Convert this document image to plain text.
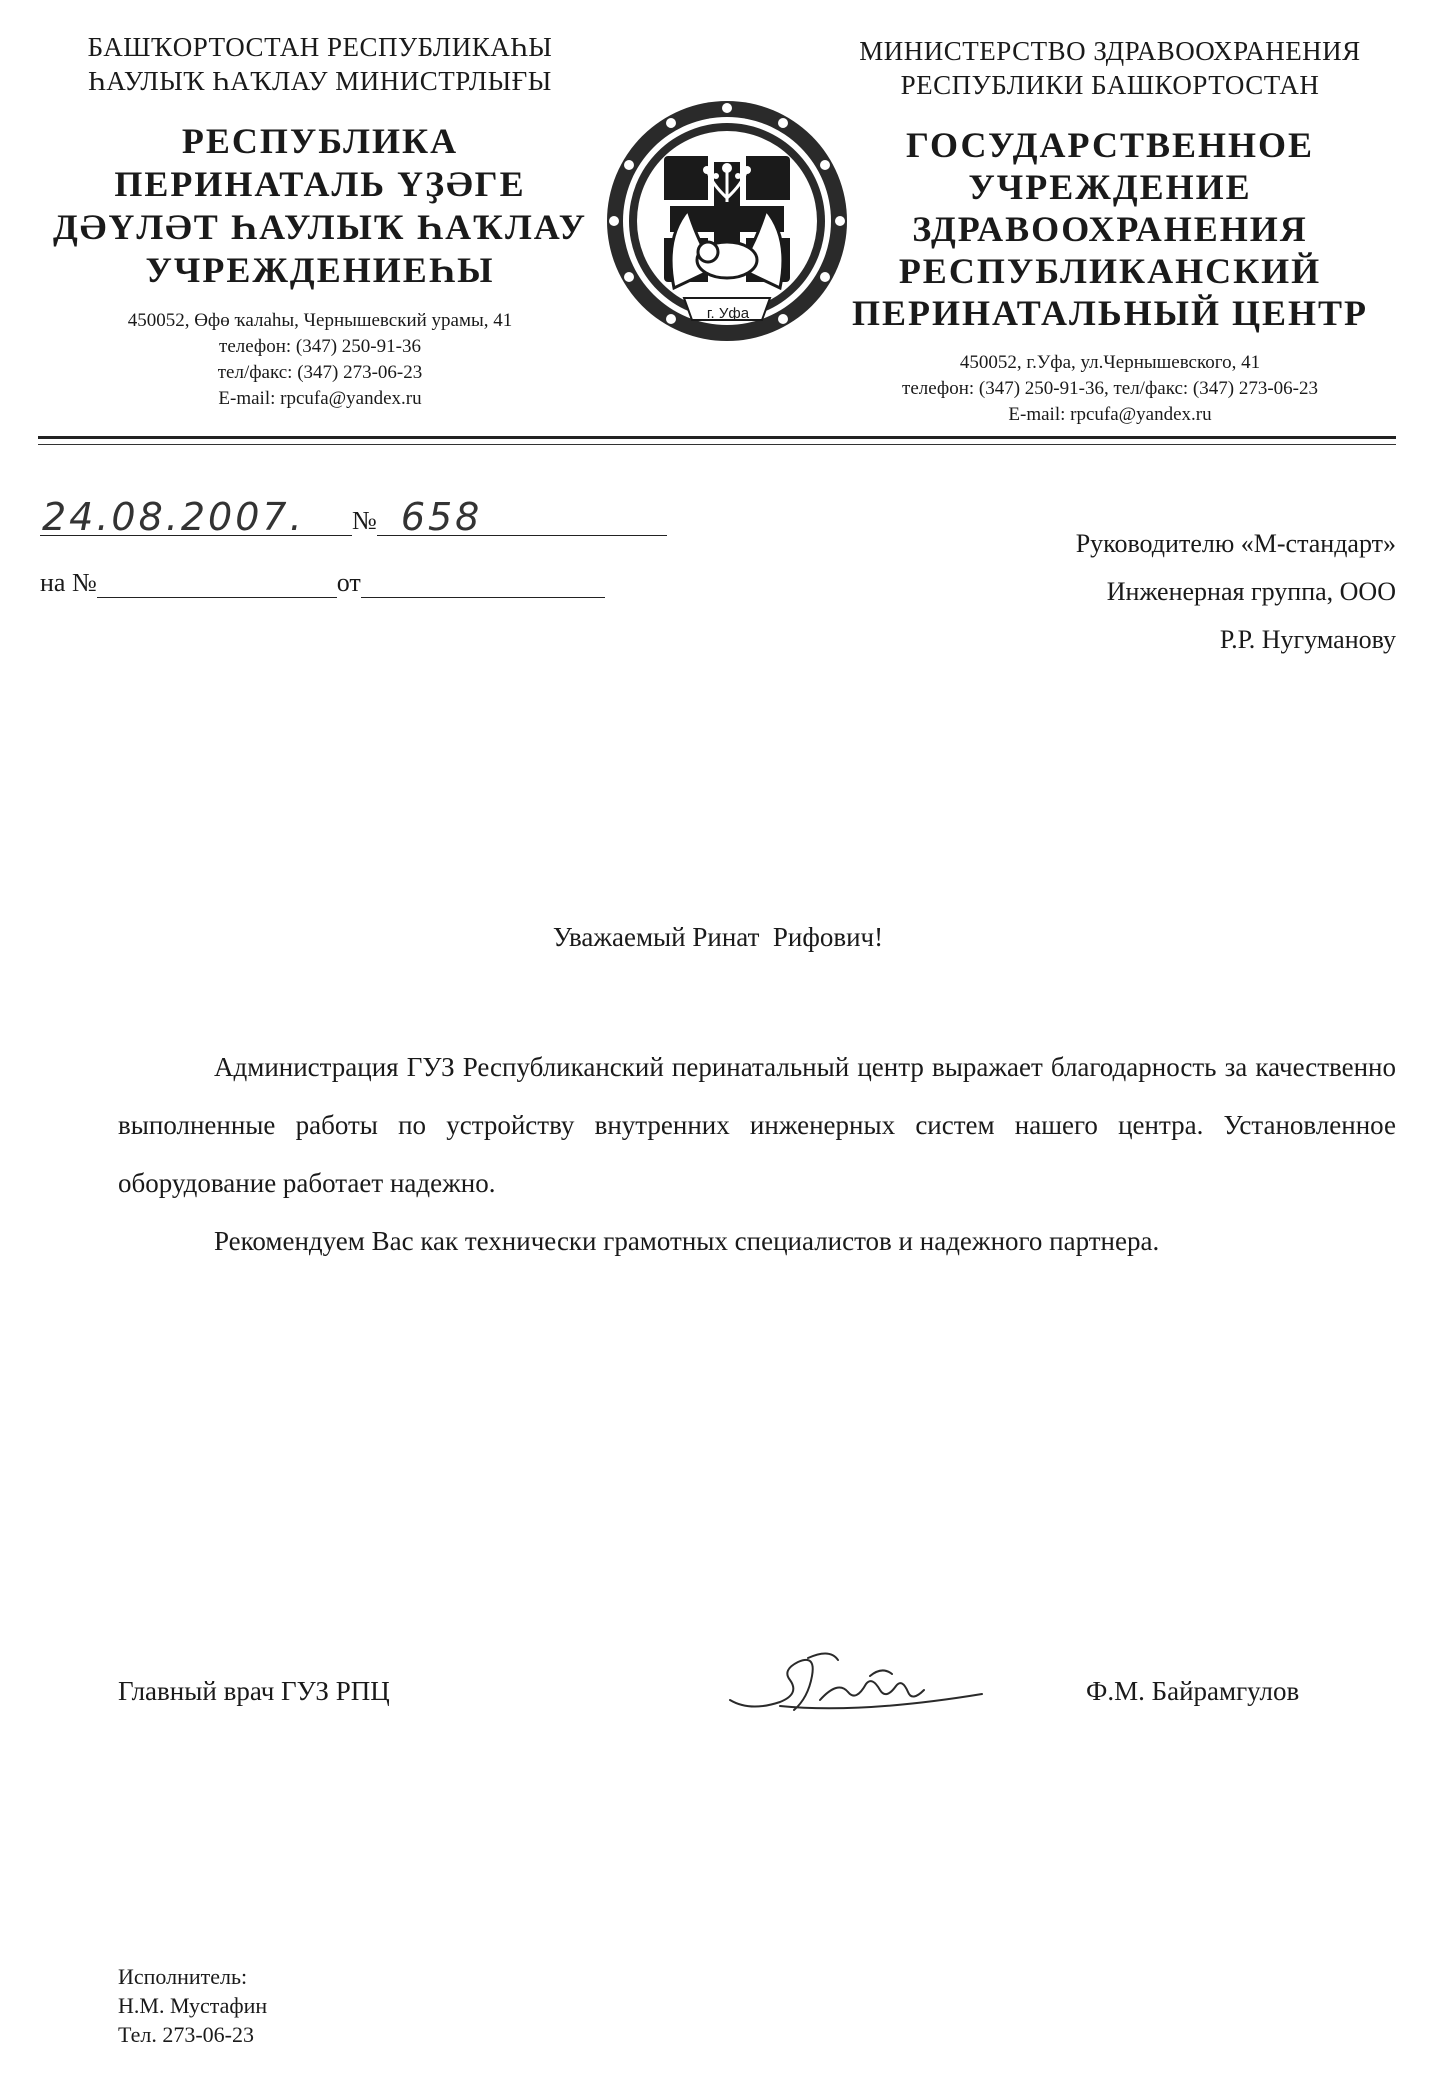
БАШҠОРТОСТАН РЕСПУБЛИКАҺЫ
ҺАУЛЫҠ ҺАҠЛАУ МИНИСТРЛЫҒЫ
РЕСПУБЛИКА
ПЕРИНАТАЛЬ ҮҘӘГЕ
ДӘҮЛӘТ ҺАУЛЫҠ ҺАҠЛАУ
УЧРЕЖДЕНИЕҺЫ
450052, Өфө ҡалаһы, Чернышевский урамы, 41
телефон: (347) 250-91-36
тел/факс: (347) 273-06-23
E-mail: rpcufa@yandex.ru
г. Уфа
МИНИСТЕРСТВО ЗДРАВООХРАНЕНИЯ
РЕСПУБЛИКИ БАШКОРТОСТАН
ГОСУДАРСТВЕННОЕ
УЧРЕЖДЕНИЕ
ЗДРАВООХРАНЕНИЯ
РЕСПУБЛИКАНСКИЙ
ПЕРИНАТАЛЬНЫЙ ЦЕНТР
450052, г.Уфа, ул.Чернышевского, 41
телефон: (347) 250-91-36, тел/факс: (347) 273-06-23
E-mail: rpcufa@yandex.ru
24.08.2007. № 658
на №	от
Руководителю «М-стандарт»
Инженерная группа, ООО
Р.Р. Нугуманову
Уважаемый Ринат  Рифович!

Администрация ГУЗ Республиканский перинатальный центр выражает благодарность за качественно выполненные работы по устройству внутренних инженерных систем нашего центра. Установленное оборудование работает надежно.

Рекомендуем Вас как технически грамотных специалистов и надежного партнера.

Главный врач ГУЗ РПЦ	Ф.М. Байрамгулов
Исполнитель:
Н.М. Мустафин
Тел. 273-06-23
